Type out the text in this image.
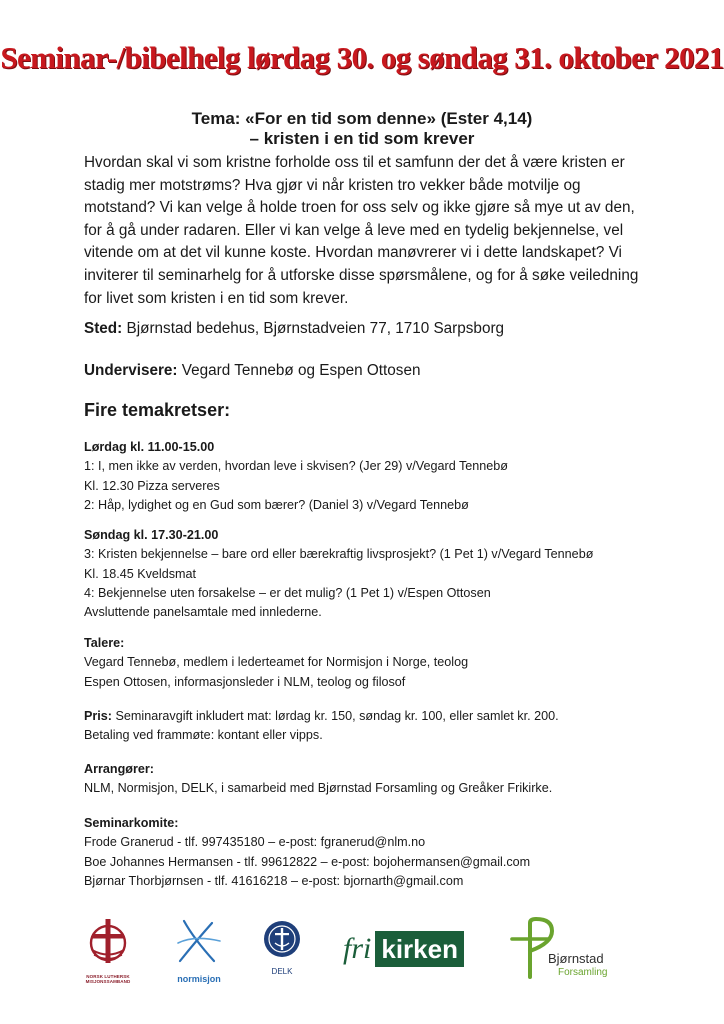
Seminar-/bibelhelg lørdag 30. og søndag 31. oktober 2021
Tema: «For en tid som denne» (Ester 4,14)
– kristen i en tid som krever
Hvordan skal vi som kristne forholde oss til et samfunn der det å være kristen er stadig mer motstrøms? Hva gjør vi når kristen tro vekker både motvilje og motstand? Vi kan velge å holde troen for oss selv og ikke gjøre så mye ut av den, for å gå under radaren. Eller vi kan velge å leve med en tydelig bekjennelse, vel vitende om at det vil kunne koste. Hvordan manøvrerer vi i dette landskapet? Vi inviterer til seminarhelg for å utforske disse spørsmålene, og for å søke veiledning for livet som kristen i en tid som krever.
Sted: Bjørnstad bedehus, Bjørnstadveien 77, 1710 Sarpsborg
Undervisere: Vegard Tennebø og Espen Ottosen
Fire temakretser:
Lørdag kl. 11.00-15.00
1: I, men ikke av verden, hvordan leve i skvisen? (Jer 29) v/Vegard Tennebø
Kl. 12.30 Pizza serveres
2: Håp, lydighet og en Gud som bærer? (Daniel 3) v/Vegard Tennebø
Søndag kl. 17.30-21.00
3: Kristen bekjennelse – bare ord eller bærekraftig livsprosjekt? (1 Pet 1) v/Vegard Tennebø
Kl. 18.45 Kveldsmat
4: Bekjennelse uten forsakelse – er det mulig? (1 Pet 1) v/Espen Ottosen
Avsluttende panelsamtale med innlederne.
Talere:
Vegard Tennebø, medlem i lederteamet for Normisjon i Norge, teolog
Espen Ottosen, informasjonsleder i NLM, teolog og filosof
Pris: Seminaravgift inkludert mat: lørdag kr. 150, søndag kr. 100, eller samlet kr. 200.
Betaling ved frammøte: kontant eller vipps.
Arrangører:
NLM, Normisjon, DELK, i samarbeid med Bjørnstad Forsamling og Greåker Frikirke.
Seminarkomite:
Frode Granerud - tlf. 997435180 – e-post: fgranerud@nlm.no
Boe Johannes Hermansen - tlf. 99612822 – e-post: bojohermansen@gmail.com
Bjørnar Thorbjørnsen - tlf. 41616218 – e-post: bjornarth@gmail.com
NORSK LUTHERSK MISJONSSAMBAND	normisjon
DELK
fri kirken	Bjørnstad
Forsamling
